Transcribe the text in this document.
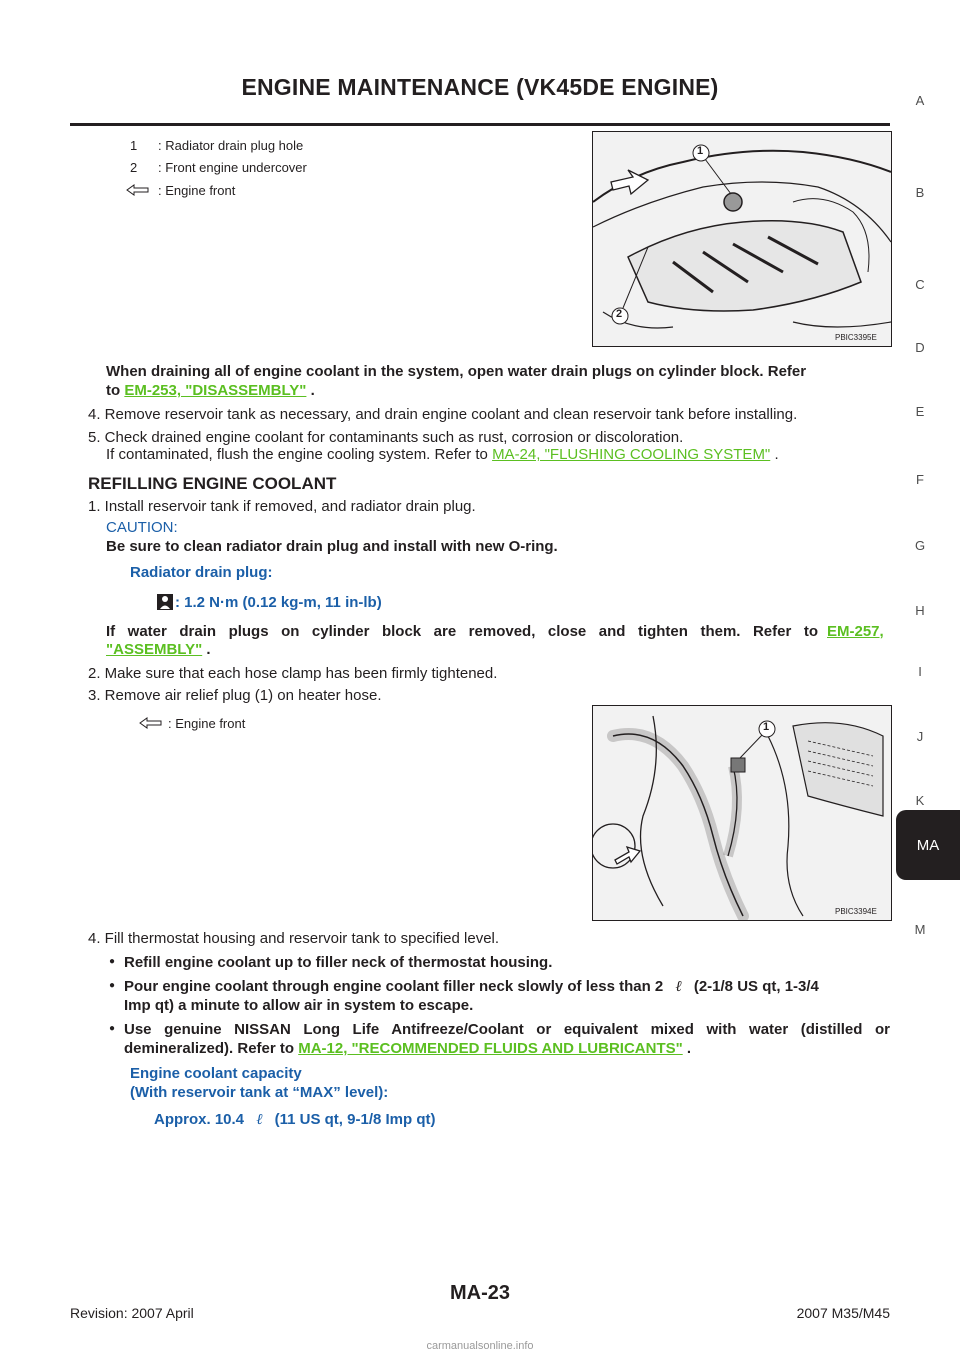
ENGINE MAINTENANCE (VK45DE ENGINE)
A
B
C
D
E
F
G
H
I
J
K
MA
M
1	: Radiator drain plug hole
2	: Front engine undercover
: Engine front
1
2
PBIC3395E
When draining all of engine coolant in the system, open water drain plugs on cylinder block. Refer
to EM-253, "DISASSEMBLY" .
4. Remove reservoir tank as necessary, and drain engine coolant and clean reservoir tank before installing.
5. Check drained engine coolant for contaminants such as rust, corrosion or discoloration.
If contaminated, flush the engine cooling system. Refer to MA-24, "FLUSHING COOLING SYSTEM" .
REFILLING ENGINE COOLANT
1. Install reservoir tank if removed, and radiator drain plug.
CAUTION:
Be sure to clean radiator drain plug and install with new O-ring.
Radiator drain plug:
: 1.2 N·m (0.12 kg-m, 11 in-lb)
If water drain plugs on cylinder block are removed, close and tighten them. Refer to EM-257,
"ASSEMBLY" .
2. Make sure that each hose clamp has been firmly tightened.
3. Remove air relief plug (1) on heater hose.
: Engine front	1
PBIC3394E
4. Fill thermostat housing and reservoir tank to specified level.
● Refill engine coolant up to filler neck of thermostat housing.
● Pour engine coolant through engine coolant filler neck slowly of less than 2 ℓ (2-1/8 US qt, 1-3/4
Imp qt) a minute to allow air in system to escape.
● Use genuine NISSAN Long Life Antifreeze/Coolant or equivalent mixed with water (distilled or
demineralized). Refer to MA-12, "RECOMMENDED FLUIDS AND LUBRICANTS" .
Engine coolant capacity
(With reservoir tank at “MAX” level):
Approx. 10.4 ℓ (11 US qt, 9-1/8 Imp qt)
MA-23
Revision: 2007 April	2007 M35/M45
carmanualsonline.info
